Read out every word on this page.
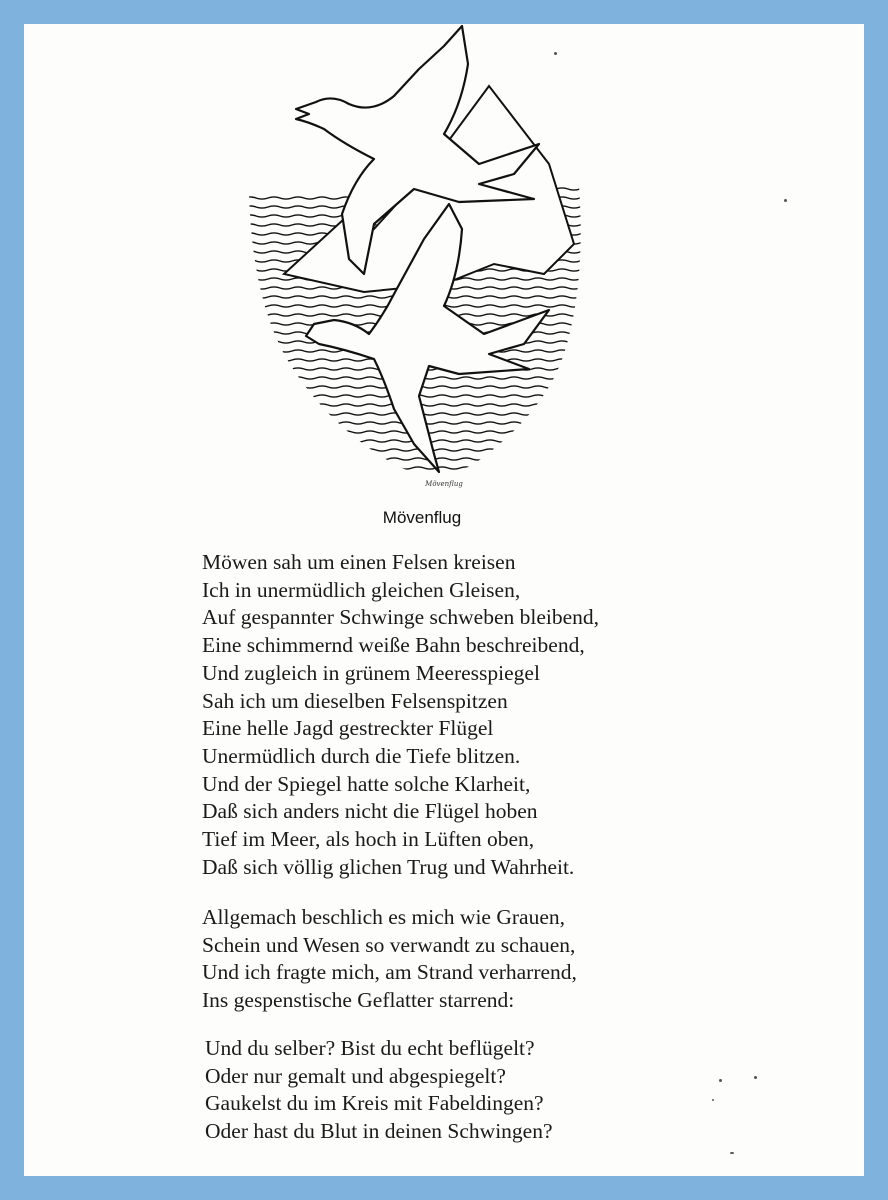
Mövenflug
Mövenflug
Möwen sah um einen Felsen kreisen
Ich in unermüdlich gleichen Gleisen,
Auf gespannter Schwinge schweben bleibend,
Eine schimmernd weiße Bahn beschreibend,
Und zugleich in grünem Meeresspiegel
Sah ich um dieselben Felsenspitzen
Eine helle Jagd gestreckter Flügel
Unermüdlich durch die Tiefe blitzen.
Und der Spiegel hatte solche Klarheit,
Daß sich anders nicht die Flügel hoben
Tief im Meer, als hoch in Lüften oben,
Daß sich völlig glichen Trug und Wahrheit.
Allgemach beschlich es mich wie Grauen,
Schein und Wesen so verwandt zu schauen,
Und ich fragte mich, am Strand verharrend,
Ins gespenstische Geflatter starrend:
Und du selber? Bist du echt beflügelt?
Oder nur gemalt und abgespiegelt?
Gaukelst du im Kreis mit Fabeldingen?
Oder hast du Blut in deinen Schwingen?
